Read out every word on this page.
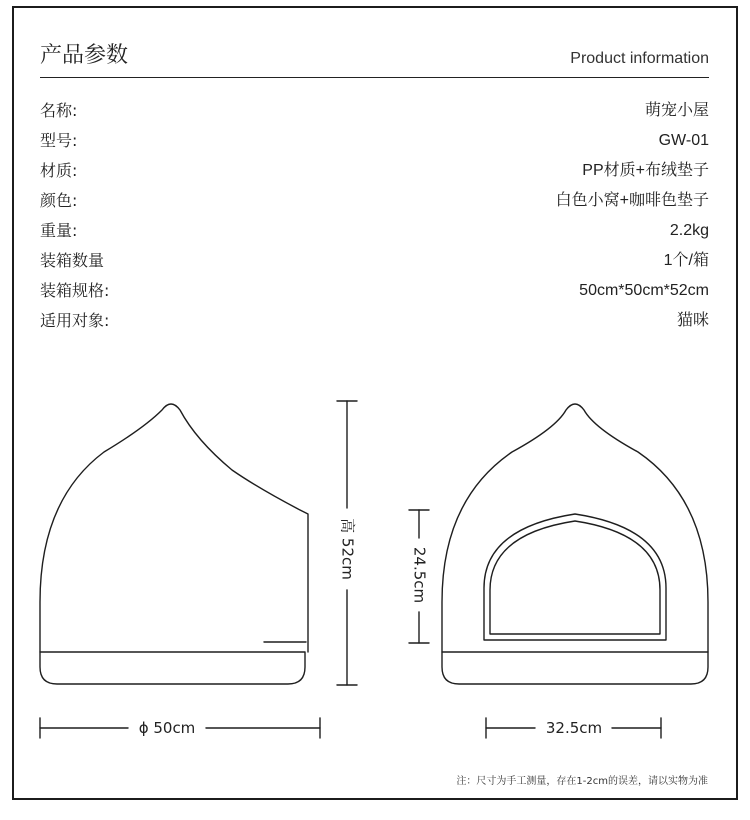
产品参数	Product information
名称:	萌宠小屋
型号:	GW-01
材质:	PP材质+布绒垫子
颜色:	白色小窝+咖啡色垫子
重量:	2.2kg
装箱数量	1个/箱
装箱规格:	50cm*50cm*52cm
适用对象:	猫咪
高 52cm	24.5cm
ϕ 50cm	32.5cm
注：尺寸为手工测量，存在1-2cm的误差，请以实物为准
